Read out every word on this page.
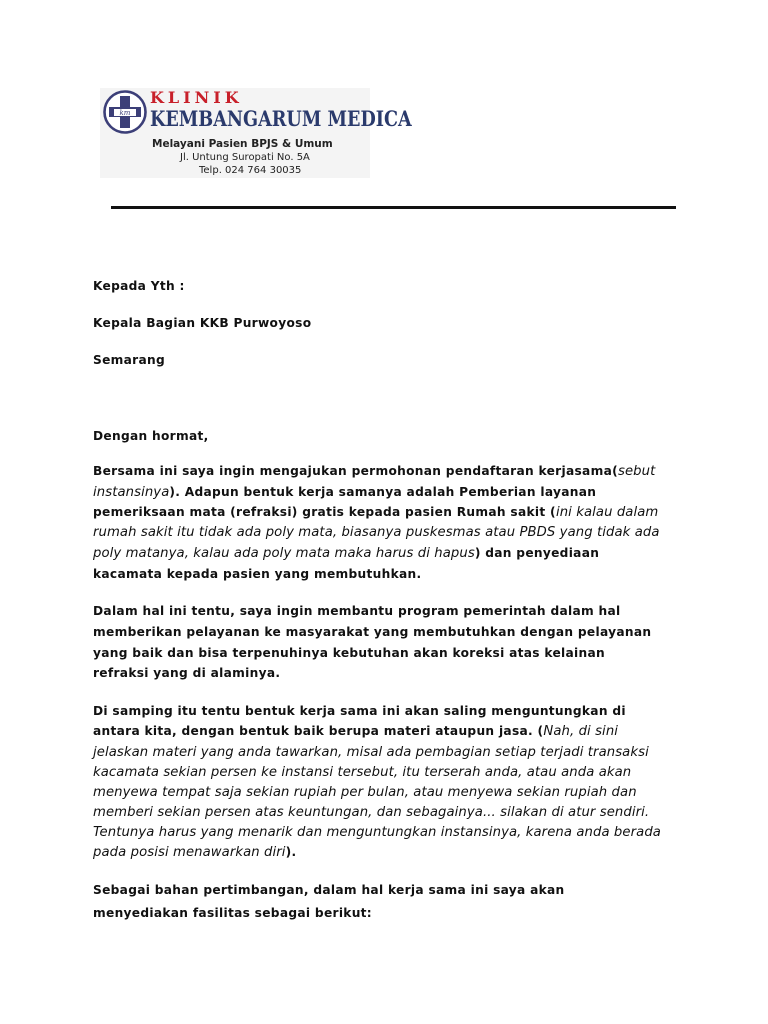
km
KLINIK
KEMBANGARUM MEDICA
Melayani Pasien BPJS & Umum
Jl. Untung Suropati No. 5A
Telp. 024 764 30035
Kepada Yth :
Kepala Bagian KKB Purwoyoso
Semarang
Dengan hormat,
Bersama ini saya ingin mengajukan permohonan pendaftaran kerjasama(sebut
instansinya). Adapun bentuk kerja samanya adalah Pemberian layanan
pemeriksaan mata (refraksi) gratis kepada pasien Rumah sakit (ini kalau dalam
rumah sakit itu tidak ada poly mata, biasanya puskesmas atau PBDS yang tidak ada
poly matanya, kalau ada poly mata maka harus di hapus) dan penyediaan
kacamata kepada pasien yang membutuhkan.
Dalam hal ini tentu, saya ingin membantu program pemerintah dalam hal
memberikan pelayanan ke masyarakat yang membutuhkan dengan pelayanan
yang baik dan bisa terpenuhinya kebutuhan akan koreksi atas kelainan
refraksi yang di alaminya.
Di samping itu tentu bentuk kerja sama ini akan saling menguntungkan di
antara kita, dengan bentuk baik berupa materi ataupun jasa. (Nah, di sini
jelaskan materi yang anda tawarkan, misal ada pembagian setiap terjadi transaksi
kacamata sekian persen ke instansi tersebut, itu terserah anda, atau anda akan
menyewa tempat saja sekian rupiah per bulan, atau menyewa sekian rupiah dan
memberi sekian persen atas keuntungan, dan sebagainya... silakan di atur sendiri.
Tentunya harus yang menarik dan menguntungkan instansinya, karena anda berada
pada posisi menawarkan diri).
Sebagai bahan pertimbangan, dalam hal kerja sama ini saya akan
menyediakan fasilitas sebagai berikut:
